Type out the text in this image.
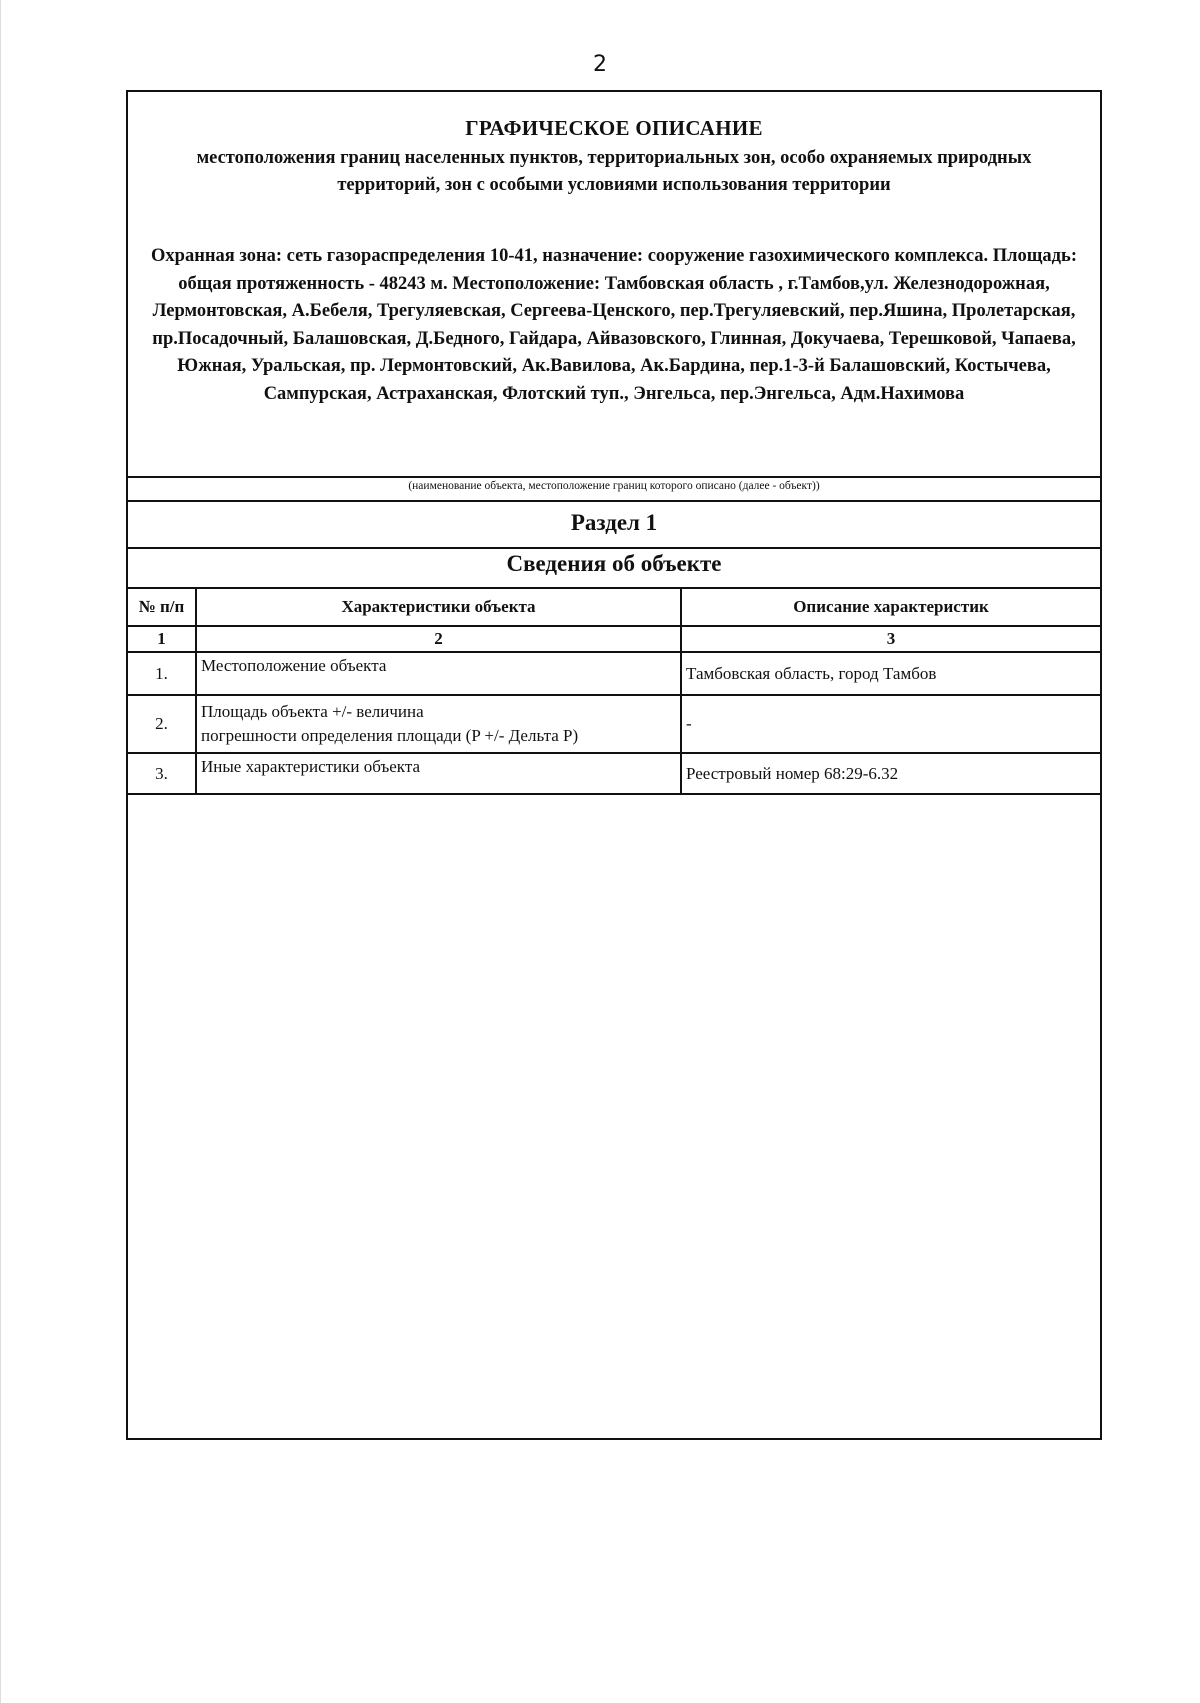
2
ГРАФИЧЕСКОЕ ОПИСАНИЕ
местоположения границ населенных пунктов, территориальных зон, особо охраняемых природных территорий, зон с особыми условиями использования территории
Охранная зона: сеть газораспределения 10-41, назначение: сооружение газохимического комплекса. Площадь: общая протяженность - 48243 м. Местоположение: Тамбовская область , г.Тамбов,ул. Железнодорожная, Лермонтовская, А.Бебеля, Трегуляевская, Сергеева-Ценского, пер.Трегуляевский, пер.Яшина, Пролетарская, пр.Посадочный, Балашовская, Д.Бедного, Гайдара, Айвазовского, Глинная, Докучаева, Терешковой, Чапаева, Южная, Уральская, пр. Лермонтовский, Ак.Вавилова, Ак.Бардина, пер.1-3-й Балашовский, Костычева, Сампурская, Астраханская, Флотский туп., Энгельса, пер.Энгельса, Адм.Нахимова
(наименование объекта, местоположение границ которого описано (далее - объект))
Раздел 1
Сведения об объекте
№ п/п	Характеристики объекта	Описание характеристик
1	2	3
1.	Местоположение объекта	Тамбовская область, город Тамбов
2.	Площадь объекта +/- величина
погрешности определения площади (P +/- Дельта P)	-
3.	Иные характеристики объекта	Реестровый номер 68:29-6.32
